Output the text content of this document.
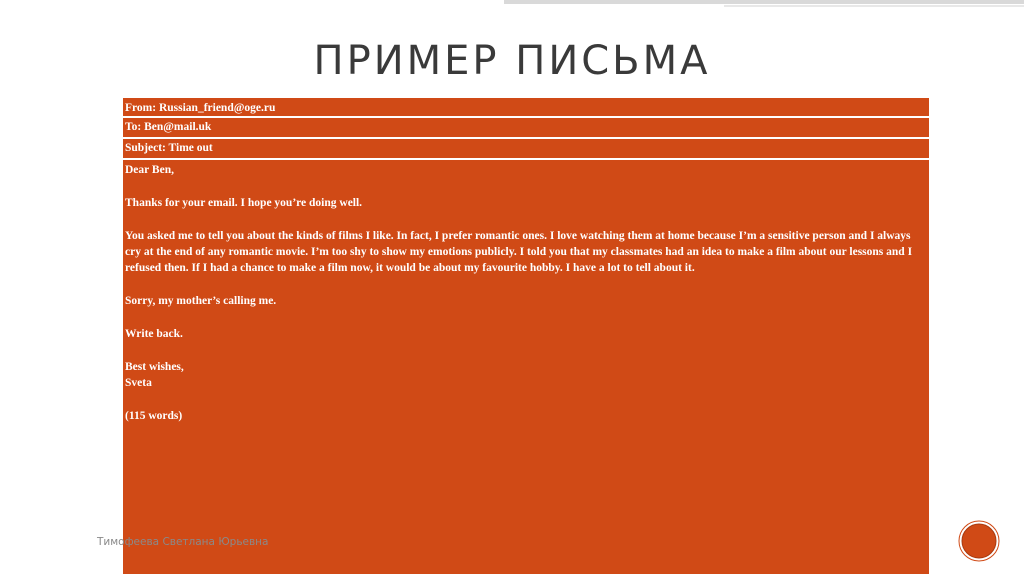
ПРИМЕР ПИСЬМА
From: Russian_friend@oge.ru
To: Ben@mail.uk
Subject: Time out

Dear Ben,

Thanks for your email. I hope you’re doing well.

You asked me to tell you about the kinds of films I like. In fact, I prefer romantic ones. I love watching them at home because I’m a sensitive person and I always cry at the end of any romantic movie. I’m too shy to show my emotions publicly. I told you that my classmates had an idea to make a film about our lessons and I refused then. If I had a chance to make a film now, it would be about my favourite hobby. I have a lot to tell about it.

Sorry, my mother’s calling me.

Write back.

Best wishes,

Sveta

(115 words)

Тимофеева Светлана Юрьевна
